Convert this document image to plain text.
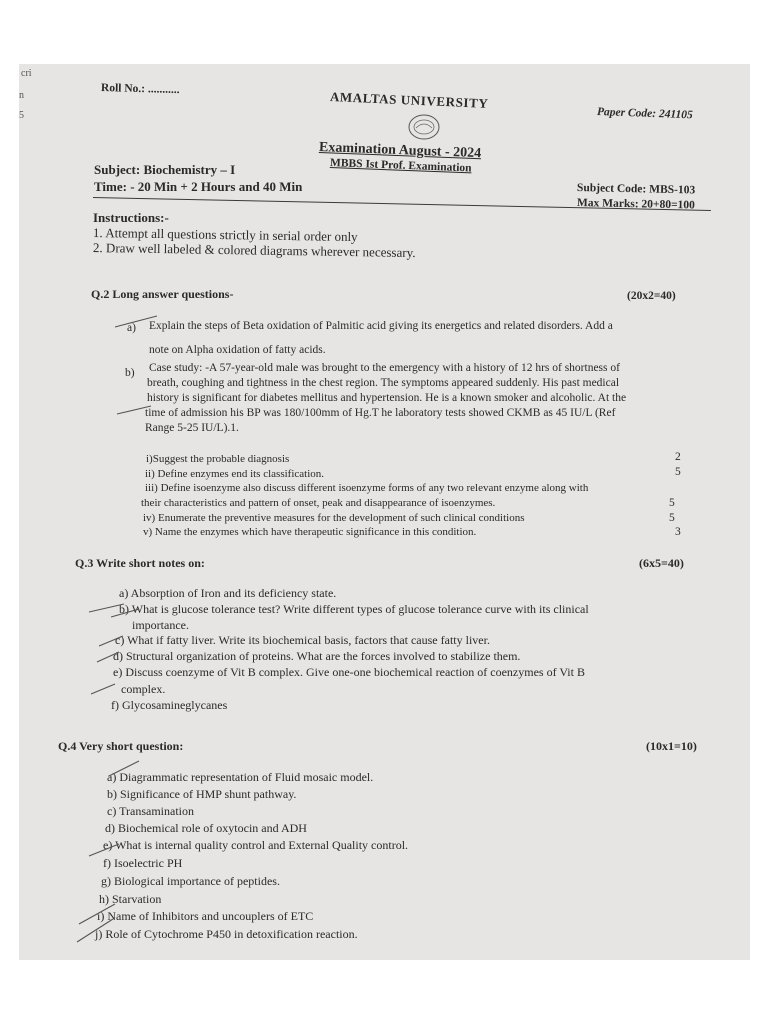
cri
n
5
Roll No.: ...........	AMALTAS UNIVERSITY
Paper Code: 241105
Examination August - 2024
MBBS Ist Prof. Examination
Subject: Biochemistry – I
Time: - 20 Min + 2 Hours and 40 Min	Subject Code: MBS-103
Max Marks: 20+80=100
Instructions:-
1. Attempt all questions strictly in serial order only
2. Draw well labeled & colored diagrams wherever necessary.
Q.2 Long answer questions-	(20x2=40)
a) Explain the steps of Beta oxidation of Palmitic acid giving its energetics and related disorders. Add a
note on Alpha oxidation of fatty acids.
b) Case study: -A 57-year-old male was brought to the emergency with a history of 12 hrs of shortness of
breath, coughing and tightness in the chest region. The symptoms appeared suddenly. His past medical
history is significant for diabetes mellitus and hypertension. He is a known smoker and alcoholic. At the
time of admission his BP was 180/100mm of Hg.T he laboratory tests showed CKMB as 45 IU/L (Ref
Range 5-25 IU/L).1.
i)Suggest the probable diagnosis	2
ii) Define enzymes end its classification.	5
iii) Define isoenzyme also discuss different isoenzyme forms of any two relevant enzyme along with
their characteristics and pattern of onset, peak and disappearance of isoenzymes.	5
iv) Enumerate the preventive measures for the development of such clinical conditions	5
v) Name the enzymes which have therapeutic significance in this condition.	3
Q.3 Write short notes on:	(6x5=40)
a) Absorption of Iron and its deficiency state.
b) What is glucose tolerance test? Write different types of glucose tolerance curve with its clinical
importance.
c) What if fatty liver. Write its biochemical basis, factors that cause fatty liver.
d) Structural organization of proteins. What are the forces involved to stabilize them.
e) Discuss coenzyme of Vit B complex. Give one-one biochemical reaction of coenzymes of Vit B
complex.
f) Glycosamineglycanes
Q.4 Very short question:	(10x1=10)
a) Diagrammatic representation of Fluid mosaic model.
b) Significance of HMP shunt pathway.
c) Transamination
d) Biochemical role of oxytocin and ADH
e) What is internal quality control and External Quality control.
f) Isoelectric PH
g) Biological importance of peptides.
h) Starvation
i) Name of Inhibitors and uncouplers of ETC
j) Role of Cytochrome P450 in detoxification reaction.
